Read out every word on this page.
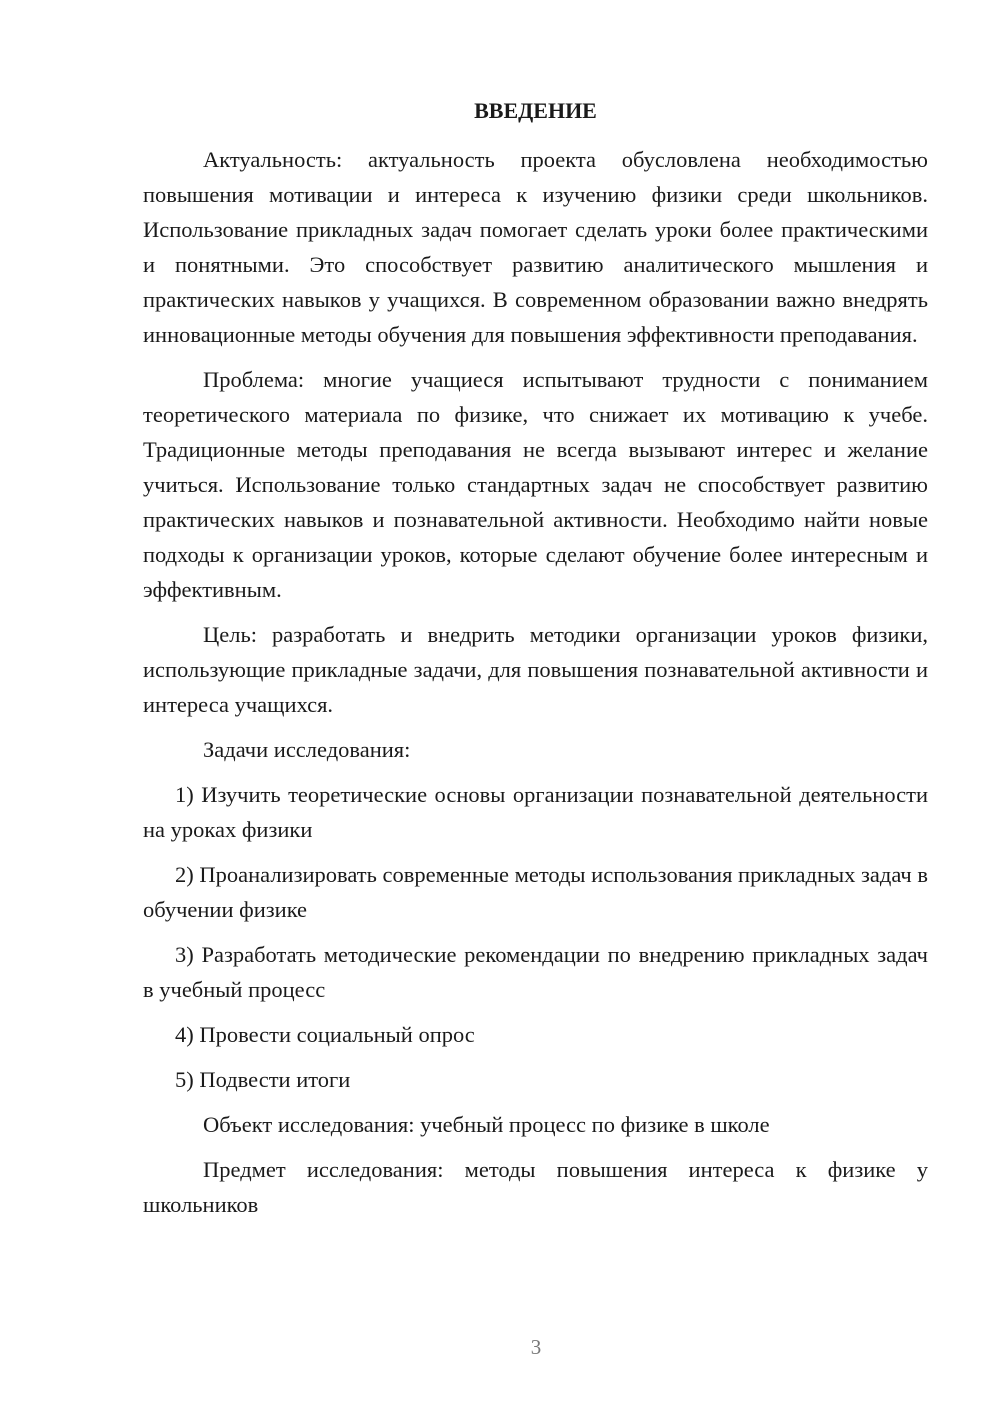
ВВЕДЕНИЕ

Актуальность: актуальность проекта обусловлена необходимостью повышения мотивации и интереса к изучению физики среди школьников. Использование прикладных задач помогает сделать уроки более практическими и понятными. Это способствует развитию аналитического мышления и практических навыков у учащихся. В современном образовании важно внедрять инновационные методы обучения для повышения эффективности преподавания.

Проблема: многие учащиеся испытывают трудности с пониманием теоретического материала по физике, что снижает их мотивацию к учебе. Традиционные методы преподавания не всегда вызывают интерес и желание учиться. Использование только стандартных задач не способствует развитию практических навыков и познавательной активности. Необходимо найти новые подходы к организации уроков, которые сделают обучение более интересным и эффективным.

Цель: разработать и внедрить методики организации уроков физики, использующие прикладные задачи, для повышения познавательной активности и интереса учащихся.

Задачи исследования:

1) Изучить теоретические основы организации познавательной деятельности на уроках физики

2) Проанализировать современные методы использования прикладных задач в обучении физике

3) Разработать методические рекомендации по внедрению прикладных задач в учебный процесс

4) Провести социальный опрос

5) Подвести итоги

Объект исследования: учебный процесс по физике в школе

Предмет исследования: методы повышения интереса к физике у школьников

3
